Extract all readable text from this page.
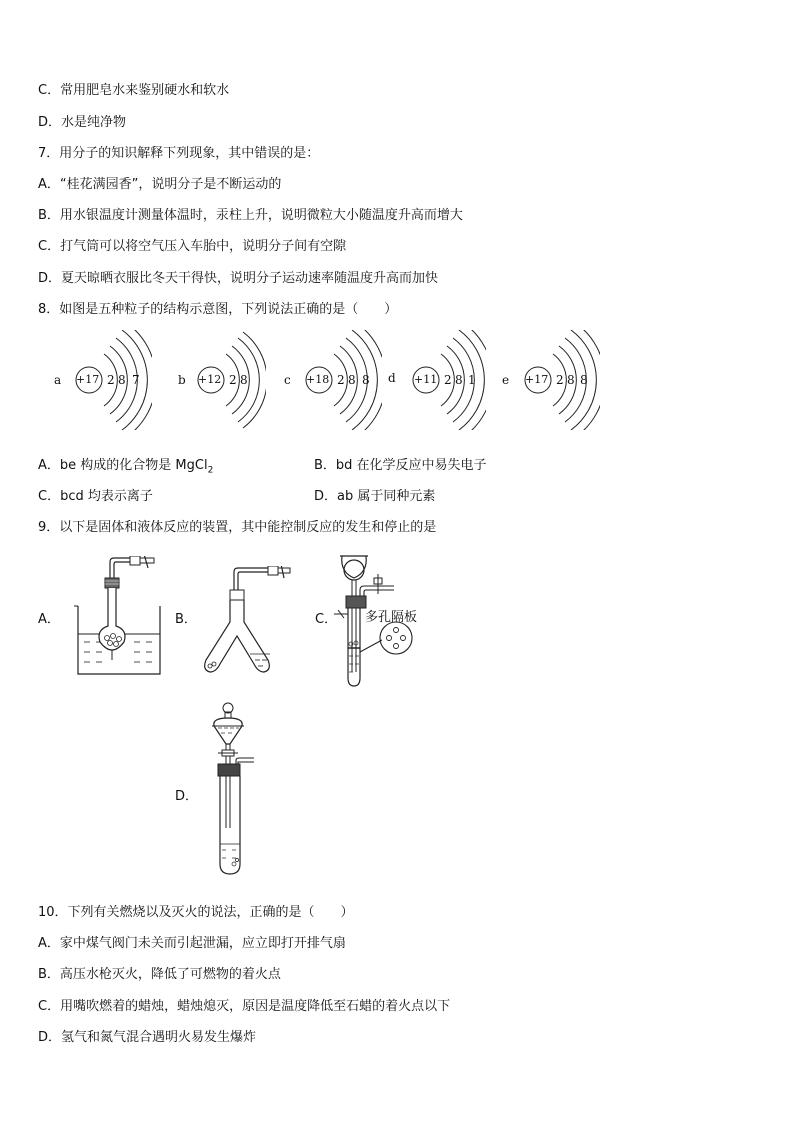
C．常用肥皂水来鉴别硬水和软水
D．水是纯净物
7．用分子的知识解释下列现象，其中错误的是：
A．“桂花满园香”，说明分子是不断运动的
B．用水银温度计测量体温时，汞柱上升，说明微粒大小随温度升高而增大
C．打气筒可以将空气压入车胎中，说明分子间有空隙
D．夏天晾晒衣服比冬天干得快，说明分子运动速率随温度升高而加快
8．如图是五种粒子的结构示意图，下列说法正确的是（　　）
a +17 2 8 7	b +12 2 8	c +18 2 8 8 d +11 2 8 1 e +17 2 8 8
A．be 构成的化合物是 MgCl$_2$	B．bd 在化学反应中易失电子
C．bcd 均表示离子	D．ab 属于同种元素
9．以下是固体和液体反应的装置，其中能控制反应的发生和停止的是
A．	B．	C．
D．
多孔隔板
10．下列有关燃烧以及灭火的说法，正确的是（　　）
A．家中煤气阀门未关而引起泄漏，应立即打开排气扇
B．高压水枪灭火，降低了可燃物的着火点
C．用嘴吹燃着的蜡烛，蜡烛熄灭，原因是温度降低至石蜡的着火点以下
D．氢气和氮气混合遇明火易发生爆炸
